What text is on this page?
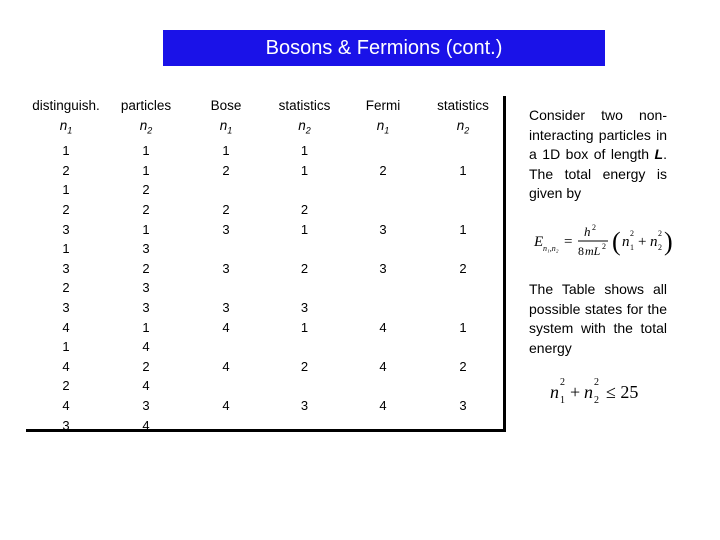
Bosons & Fermions (cont.)
distinguish.	particles	Bose	statistics	Fermi	statistics
$n_1$	$n_2$	$n_1$	$n_2$	$n_1$	$n_2$
1	1	1	1		
2	1	2	1	2	1
1	2				
2	2	2	2		
3	1	3	1	3	1
1	3				
3	2	3	2	3	2
2	3				
3	3	3	3		
4	1	4	1	4	1
1	4				
4	2	4	2	4	2
2	4				
4	3	4	3	4	3
3	4				
Consider two non-interacting particles in a 1D box of length L. The total energy is given by
E n₁,n₂ =
h 2
8 mL 2 ( n 1
2
+ n 2
2 )
The Table shows all possible states for the system with the total energy
n 1
2 + n 2
2 ≤ 25
